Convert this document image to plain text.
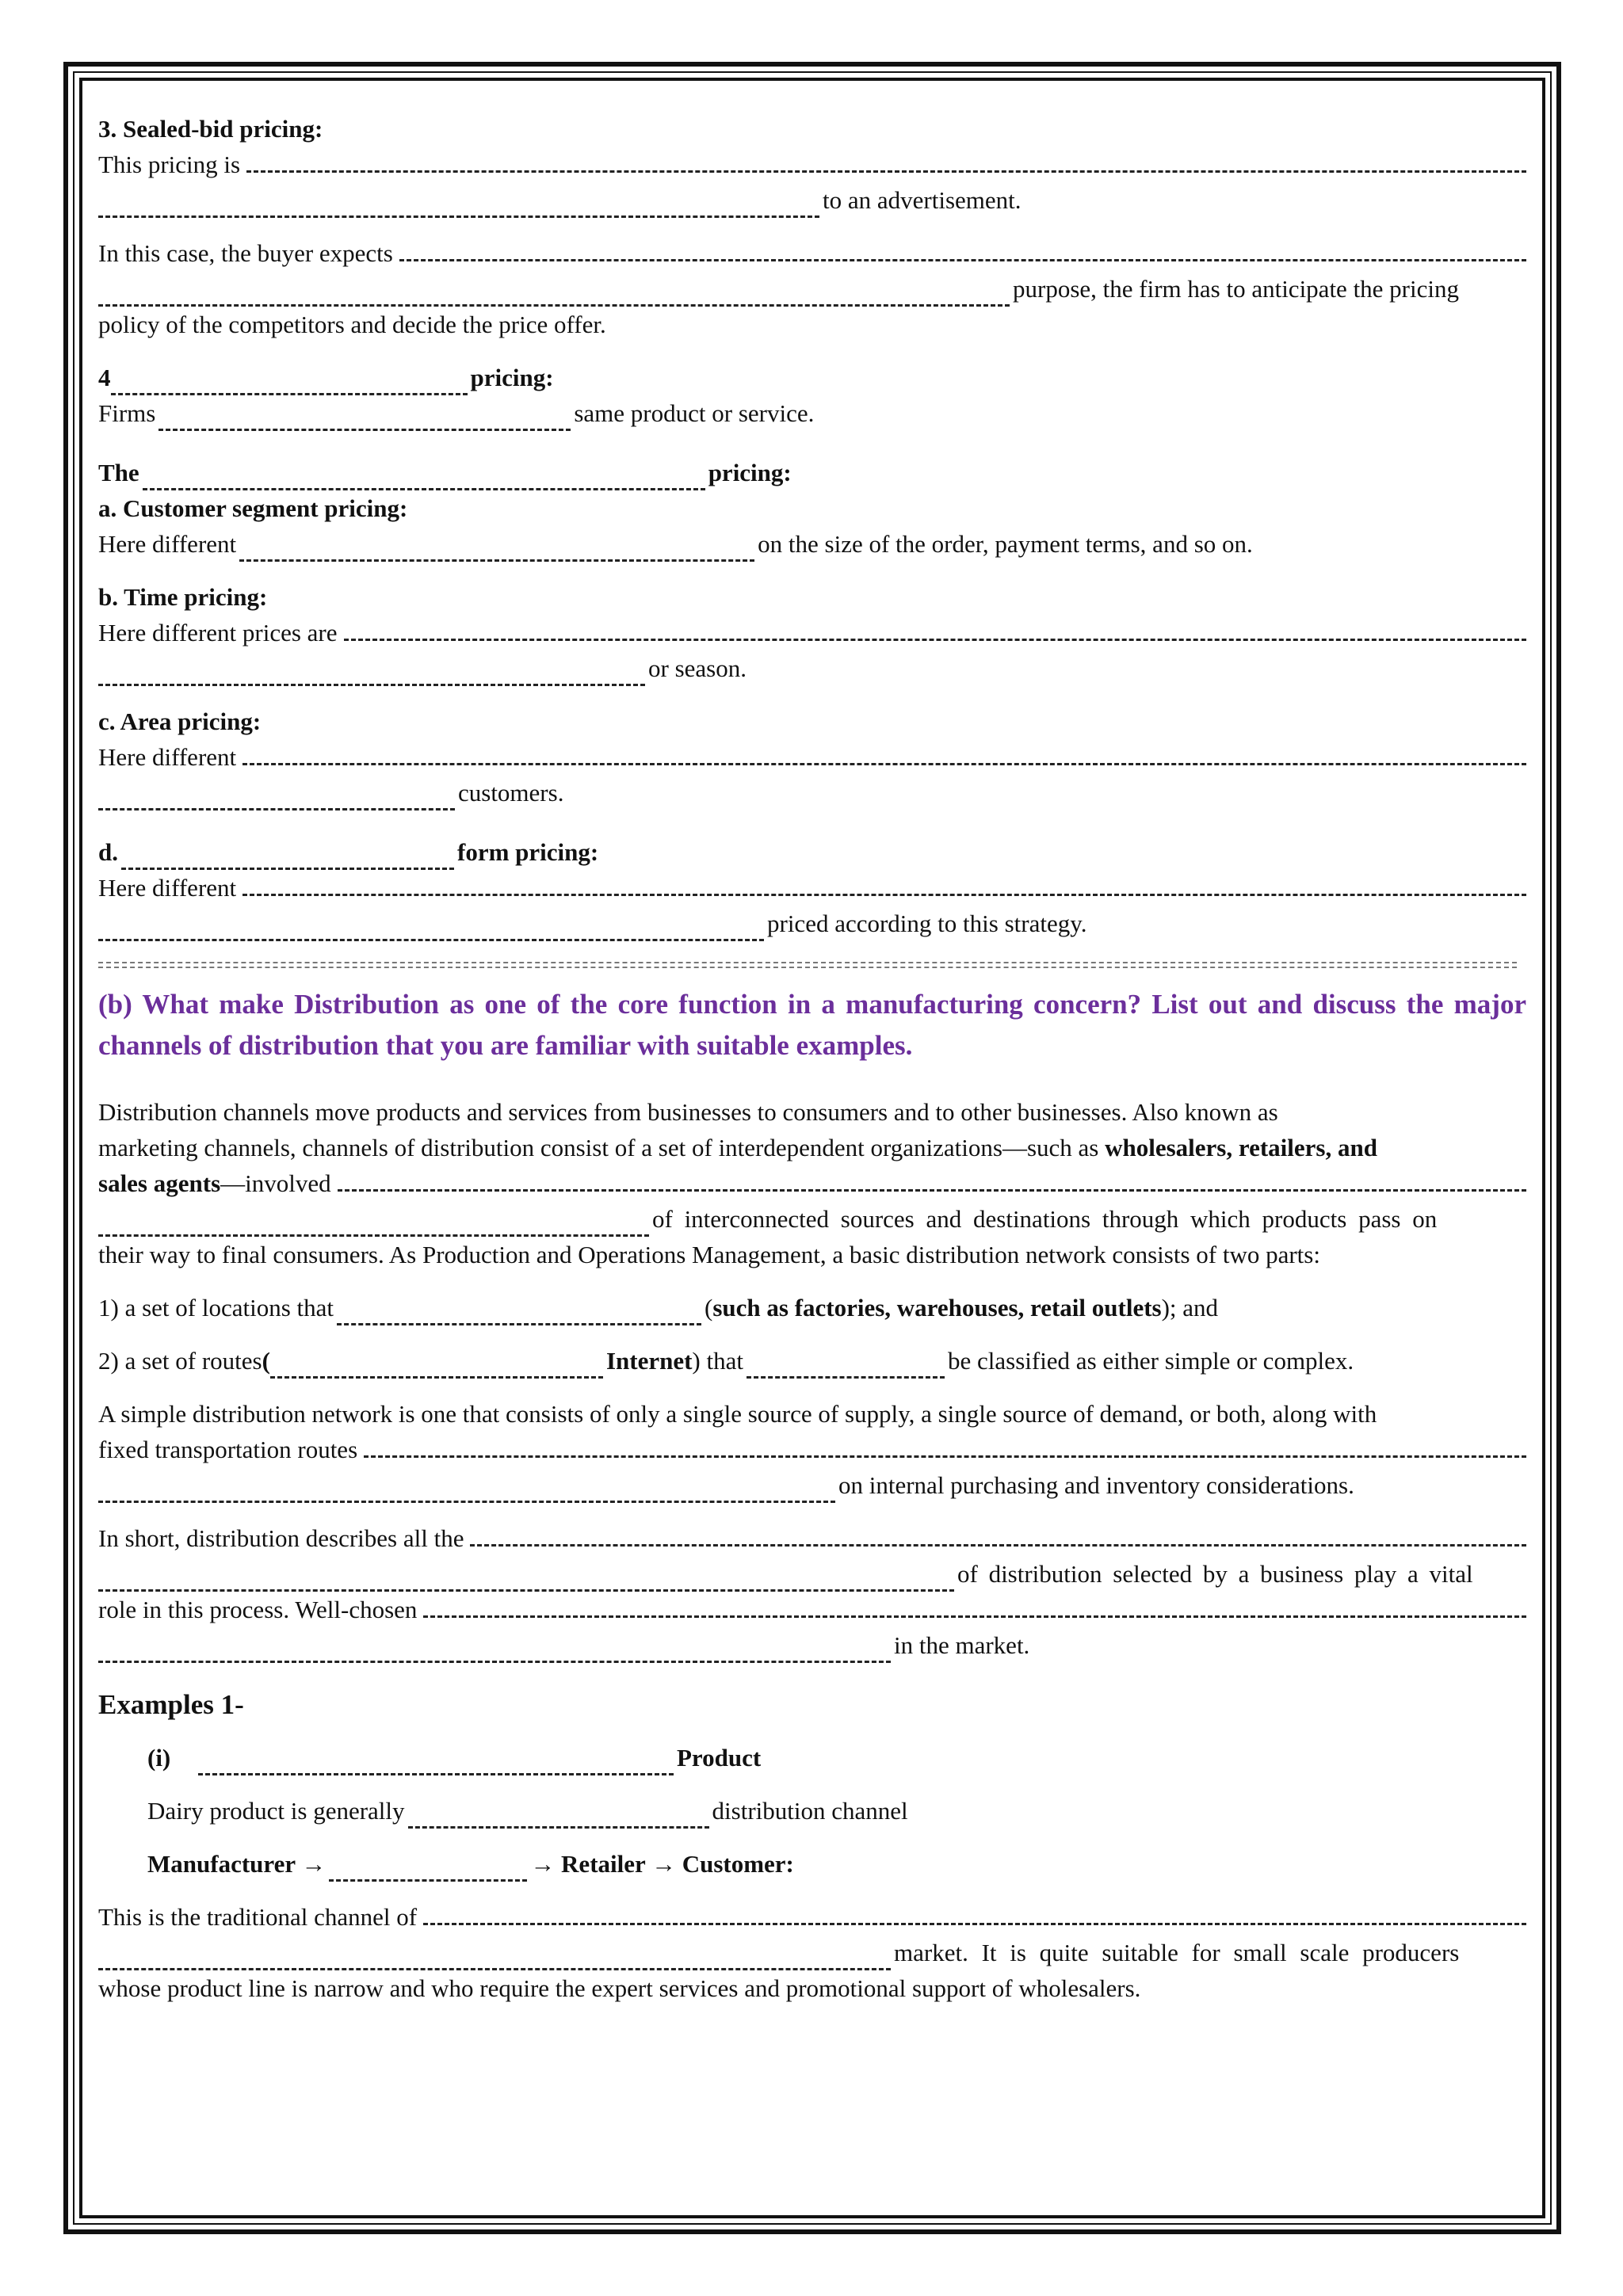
3. Sealed-bid pricing:

This pricing is
to an advertisement.
In this case, the buyer expects
purpose, the firm has to anticipate the pricing

policy of the competitors and decide the price offer.

4	pricing:
Firms	same product or service.
The	pricing:

a. Customer segment pricing:

Here different	on the size of the order, payment terms, and so on.

b. Time pricing:

Here different prices are
or season.

c. Area pricing:

Here different
customers.
d.	form pricing:
Here different
priced according to this strategy.

(b) What make Distribution as one of the core function in a manufacturing concern? List out and discuss the major channels of distribution that you are familiar with suitable examples.

Distribution channels move products and services from businesses to consumers and to other businesses. Also known as

marketing channels, channels of distribution consist of a set of interdependent organizations—such as wholesalers, retailers, and

sales agents —involved
of interconnected sources and destinations through which products pass on

their way to final consumers. As Production and Operations Management, a basic distribution network consists of two parts:

1) a set of locations that	( such as factories, warehouses, retail outlets ); and
2) a set of routes (	Internet ) that	be classified as either simple or complex.

A simple distribution network is one that consists of only a single source of supply, a single source of demand, or both, along with

fixed transportation routes
on internal purchasing and inventory considerations.
In short, distribution describes all the
of distribution selected by a business play a vital
role in this process. Well-chosen
in the market.

Examples 1-

(i)	Product
Dairy product is generally	distribution channel
Manufacturer →	→ Retailer → Customer:
This is the traditional channel of
market. It is quite suitable for small scale producers

whose product line is narrow and who require the expert services and promotional support of wholesalers.
